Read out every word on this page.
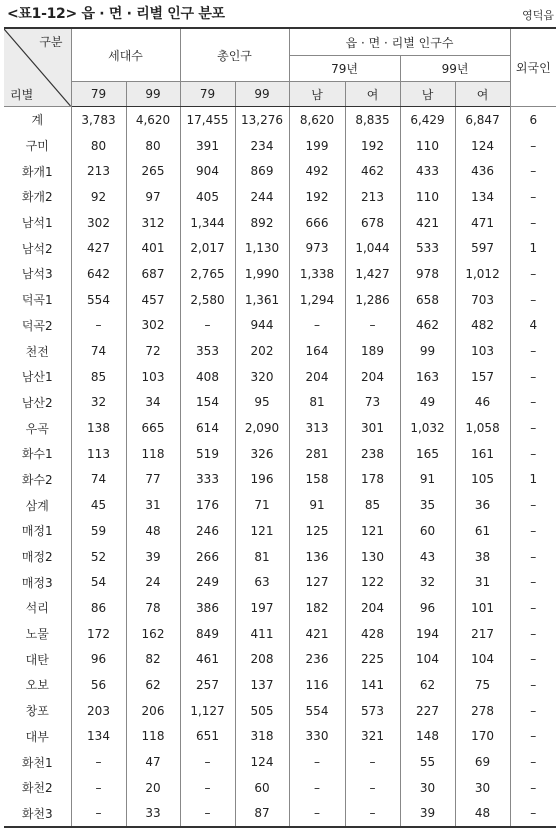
<표1-12> 읍 · 면 · 리별 인구 분포	영덕읍
구분
리별	세대수		총인구		읍 · 면 · 리별 인구수				외국인
					79년		99년		
	79	99	79	99	남	여	남	여	
계	3,783	4,620	17,455	13,276	8,620	8,835	6,429	6,847	6
구미	80	80	391	234	199	192	110	124	–
화개1	213	265	904	869	492	462	433	436	–
화개2	92	97	405	244	192	213	110	134	–
남석1	302	312	1,344	892	666	678	421	471	–
남석2	427	401	2,017	1,130	973	1,044	533	597	1
남석3	642	687	2,765	1,990	1,338	1,427	978	1,012	–
덕곡1	554	457	2,580	1,361	1,294	1,286	658	703	–
덕곡2	–	302	–	944	–	–	462	482	4
천전	74	72	353	202	164	189	99	103	–
남산1	85	103	408	320	204	204	163	157	–
남산2	32	34	154	95	81	73	49	46	–
우곡	138	665	614	2,090	313	301	1,032	1,058	–
화수1	113	118	519	326	281	238	165	161	–
화수2	74	77	333	196	158	178	91	105	1
삼계	45	31	176	71	91	85	35	36	–
매정1	59	48	246	121	125	121	60	61	–
매정2	52	39	266	81	136	130	43	38	–
매정3	54	24	249	63	127	122	32	31	–
석리	86	78	386	197	182	204	96	101	–
노물	172	162	849	411	421	428	194	217	–
대탄	96	82	461	208	236	225	104	104	–
오보	56	62	257	137	116	141	62	75	–
창포	203	206	1,127	505	554	573	227	278	–
대부	134	118	651	318	330	321	148	170	–
화천1	–	47	–	124	–	–	55	69	–
화천2	–	20	–	60	–	–	30	30	–
화천3	–	33	–	87	–	–	39	48	–
